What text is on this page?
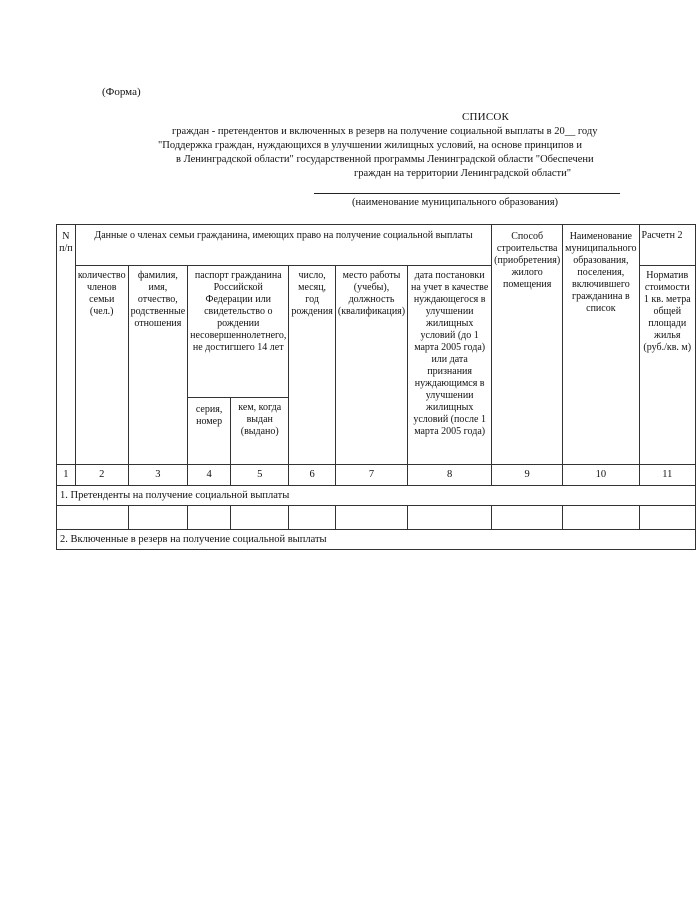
(Форма)
СПИСОК
граждан - претендентов и включенных в резерв на получение социальной выплаты в 20__ году
"Поддержка граждан, нуждающихся в улучшении жилищных условий, на основе принципов и
в Ленинградской области" государственной программы Ленинградской области "Обеспечени
граждан на территории Ленинградской области"
(наименование муниципального образования)
N п/п	Данные о членах семьи гражданина, имеющих право на получение социальной выплаты							Способ строительства (приобретения) жилого помещения	Наименование муниципального образования, поселения, включившего гражданина в список	Расчетн 2
	количество членов семьи (чел.)	фамилия, имя, отчество, родственные отношения	паспорт гражданина Российской Федерации или свидетельство о рождении несовершеннолетнего, не достигшего 14 лет		число, месяц, год рождения	место работы (учебы), должность (квалификация)	дата постановки на учет в качестве нуждающегося в улучшении жилищных условий (до 1 марта 2005 года) или дата признания нуждающимся в улучшении жилищных условий (после 1 марта 2005 года)			Норматив стоимости 1 кв. метра общей площади жилья (руб./кв. м)
			серия, номер	кем, когда выдан (выдано)						

1	2	3	4	5	6	7	8	9	10	11
1. Претенденты на получение социальной выплаты										

2. Включенные в резерв на получение социальной выплаты										
